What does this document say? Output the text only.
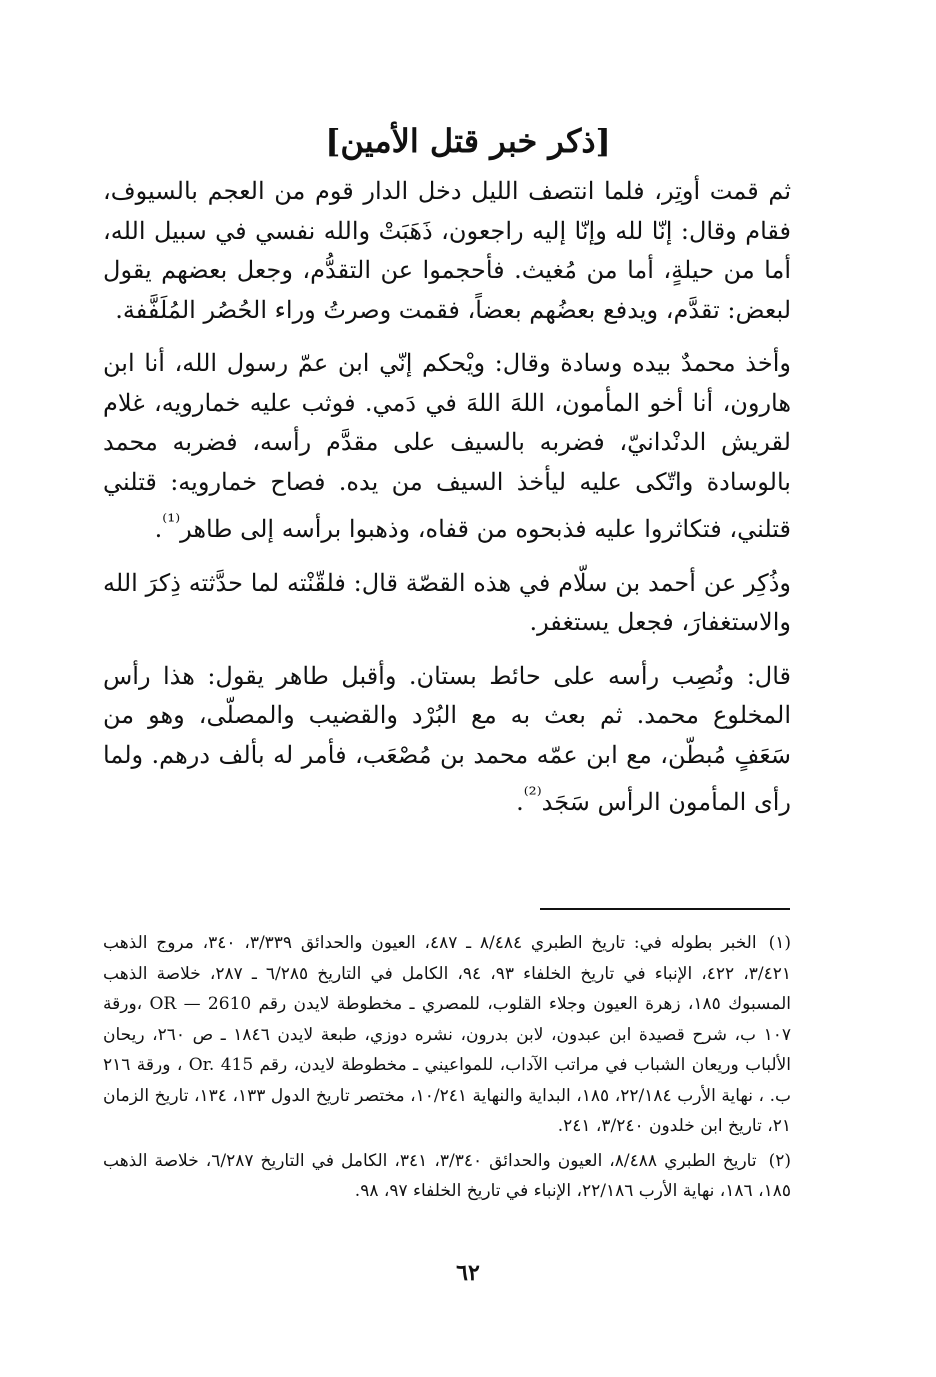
[ذكر خبر قتل الأمين]

ثم قمت أوتِر، فلما انتصف الليل دخل الدار قوم من العجم بالسيوف، فقام وقال: إنّا لله وإنّا إليه راجعون، ذَهَبَتْ والله نفسي في سبيل الله، أما من حيلةٍ، أما من مُغيث. فأحجموا عن التقدُّم، وجعل بعضهم يقول لبعض: تقدَّم، ويدفع بعضُهم بعضاً، فقمت وصرتُ وراء الحُصُر المُلَفَّفة.

وأخذ محمدٌ بيده وسادة وقال: ويْحكم إنّي ابن عمّ رسول الله، أنا ابن هارون، أنا أخو المأمون، اللهَ اللهَ في دَمي. فوثب عليه خمارويه، غلام لقريش الدنْدانيّ، فضربه بالسيف على مقدَّم رأسه، فضربه محمد بالوسادة واتّكى عليه ليأخذ السيف من يده. فصاح خمارويه: قتلني قتلني، فتكاثروا عليه فذبحوه من قفاه، وذهبوا برأسه إلى طاهر$^{^{(1)}}$.

وذُكِر عن أحمد بن سلّام في هذه القصّة قال: فلقّنْته لما حدَّثته ذِكرَ الله والاستغفارَ، فجعل يستغفر.

قال: ونُصِب رأسه على حائط بستان. وأقبل طاهر يقول: هذا رأس المخلوع محمد. ثم بعث به مع البُرْد والقضيب والمصلّى، وهو من سَعَفٍ مُبطّن، مع ابن عمّه محمد بن مُصْعَب، فأمر له بألف درهم. ولما رأى المأمون الرأس سَجَد$^{^{(2)}}$.

(١)الخبر بطوله في: تاريخ الطبري ٨/٤٨٤ ـ ٤٨٧، العيون والحدائق ٣/٣٣٩، ٣٤٠، مروج الذهب ٣/٤٢١، ٤٢٢، الإنباء في تاريخ الخلفاء ٩٣، ٩٤، الكامل في التاريخ ٦/٢٨٥ ـ ٢٨٧، خلاصة الذهب المسبوك ١٨٥، زهرة العيون وجلاء القلوب، للمصري ـ مخطوطة لايدن رقم OR — 2610 ،ورقة ١٠٧ ب، شرح قصيدة ابن عبدون، لابن بدرون، نشره دوزي، طبعة لايدن ١٨٤٦ ـ ص ٢٦٠، ريحان الألباب وريعان الشباب في مراتب الآداب، للمواعيني ـ مخطوطة لايدن، رقم Or. 415 ، ورقة ٢١٦ ب. ، نهاية الأرب ٢٢/١٨٤، ١٨٥، البداية والنهاية ١٠/٢٤١، مختصر تاريخ الدول ١٣٣، ١٣٤، تاريخ الزمان ٢١، تاريخ ابن خلدون ٣/٢٤٠، ٢٤١.
(٢)تاريخ الطبري ٨/٤٨٨، العيون والحدائق ٣/٣٤٠، ٣٤١، الكامل في التاريخ ٦/٢٨٧، خلاصة الذهب ١٨٥، ١٨٦، نهاية الأرب ٢٢/١٨٦، الإنباء في تاريخ الخلفاء ٩٧، ٩٨.
٦٢
